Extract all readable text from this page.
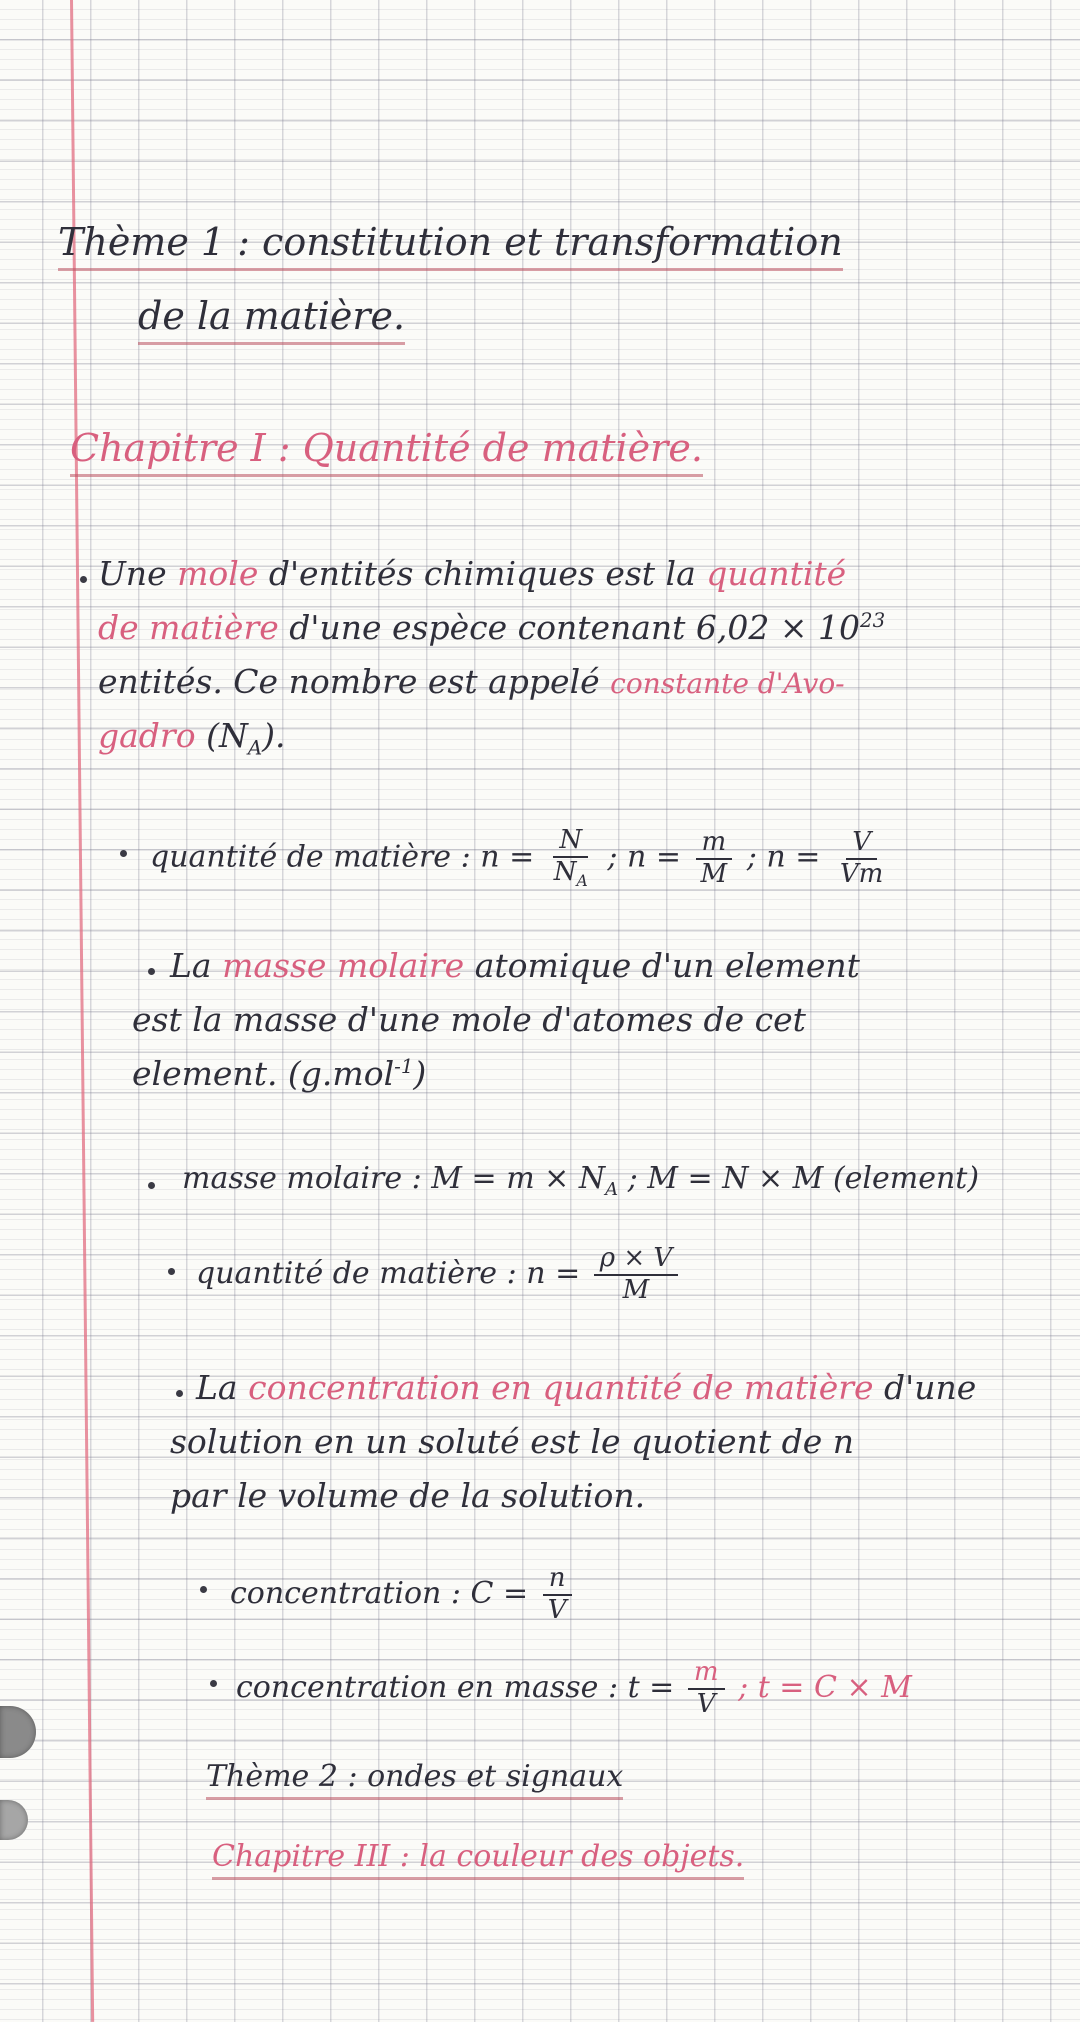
Thème 1 : constitution et transformation
de la matière.
Chapitre I : Quantité de matière.
Une mole d'entités chimiques est la quantité
de matière d'une espèce contenant $6,02 \times 10^{23}$
entités. Ce nombre est appelé constante d'Avo-
gadro $(N_A)$.
quantité de matière : $n = \frac{N}{N_A}$ ; $n = \frac{m}{M}$ ; $n = \frac{V}{Vm}$
La masse molaire atomique d'un element
est la masse d'une mole d'atomes de cet
element. (g.mol$^{-1}$)
masse molaire : $M = m \times N_A$ ; M = N × M (element)
quantité de matière : $n = \frac{\rho \times V}{M}$
La concentration en quantité de matière d'une
solution en un soluté est le quotient de n
par le volume de la solution.
concentration : $C = \frac{n}{V}$
concentration en masse : $t = \frac{m}{V}$ ; t = C × M
Thème 2 : ondes et signaux
Chapitre III : la couleur des objets.
